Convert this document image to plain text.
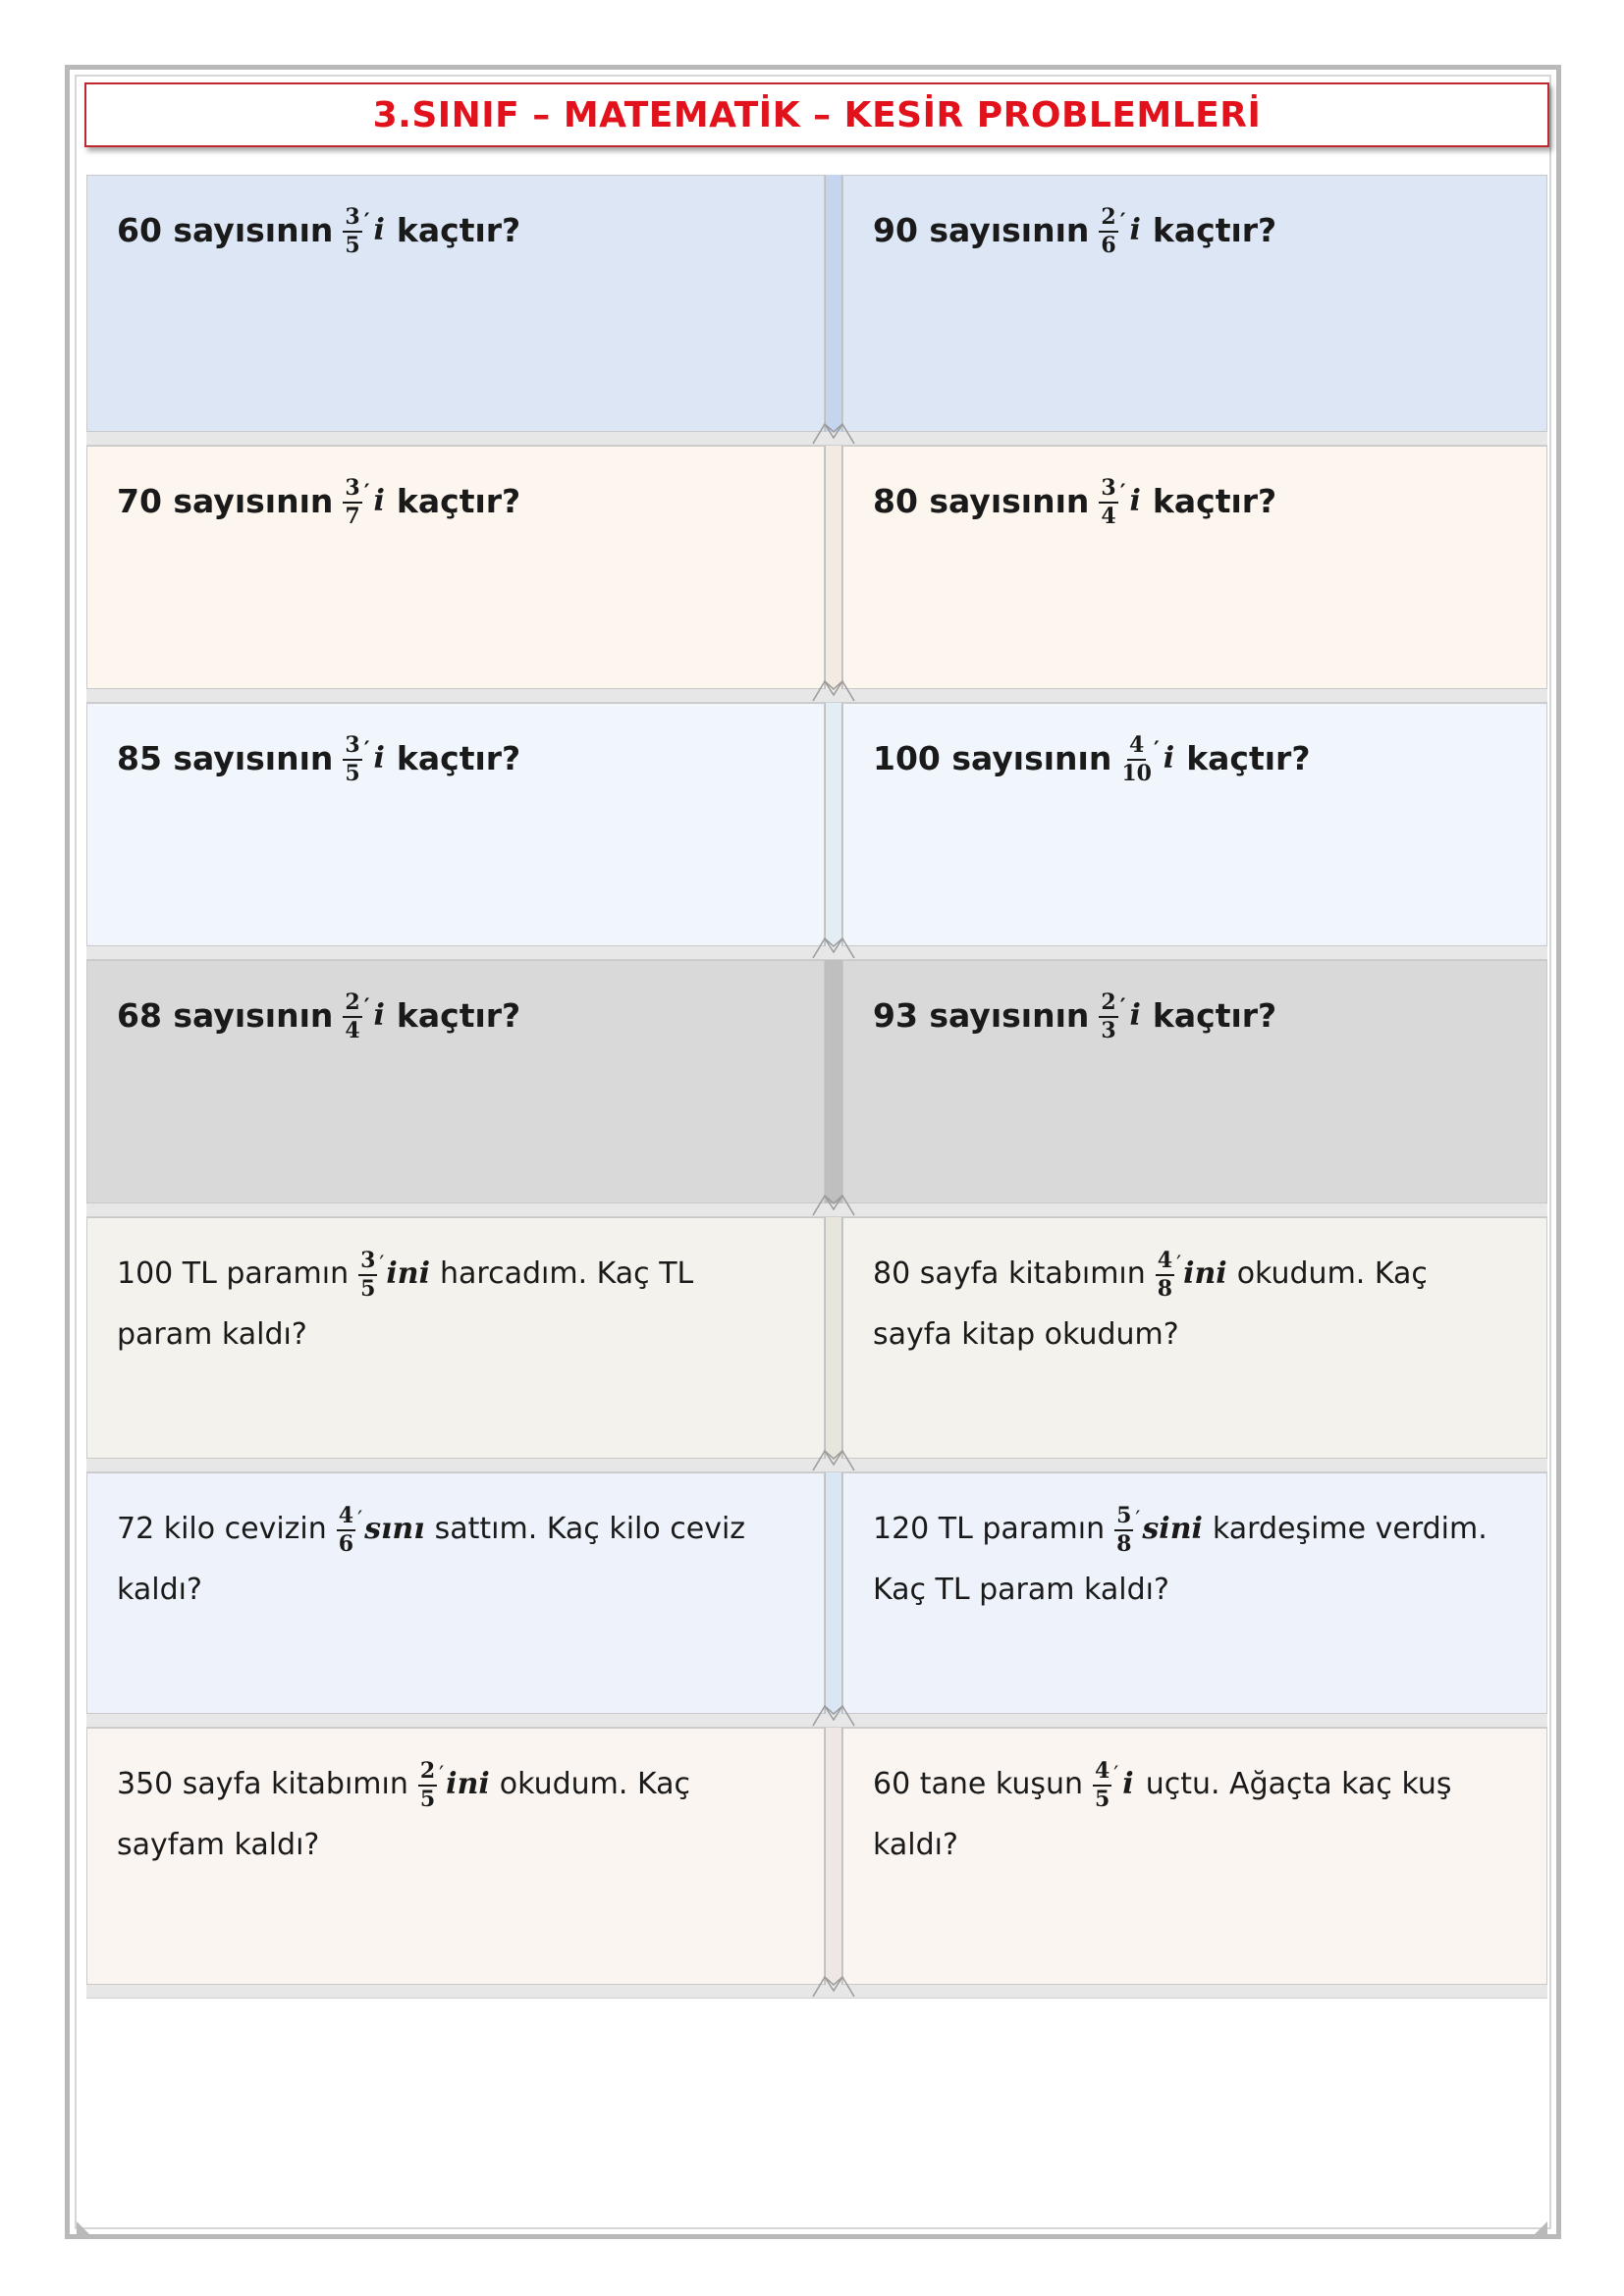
3.SINIF – MATEMATİK – KESİR PROBLEMLERİ
60 sayısının $\frac{3}{5}$ ′ i kaçtır?	90 sayısının $\frac{2}{6}$ ′ i kaçtır?
70 sayısının $\frac{3}{7}$ ′ i kaçtır?	80 sayısının $\frac{3}{4}$ ′ i kaçtır?
85 sayısının $\frac{3}{5}$ ′ i kaçtır?	100 sayısının $\frac{4}{10}$ ′ i kaçtır?
68 sayısının $\frac{2}{4}$ ′ i kaçtır?	93 sayısının $\frac{2}{3}$ ′ i kaçtır?
100 TL paramın $\frac{3}{5}$ ′ ini harcadım. Kaç TL
param kaldı?
80 sayfa kitabımın $\frac{4}{8}$ ′ ini okudum. Kaç
sayfa kitap okudum?
72 kilo cevizin $\frac{4}{6}$ ′ sını sattım. Kaç kilo ceviz
kaldı?
120 TL paramın $\frac{5}{8}$ ′ sini kardeşime verdim.
Kaç TL param kaldı?
350 sayfa kitabımın $\frac{2}{5}$ ′ ini okudum. Kaç
sayfam kaldı?
60 tane kuşun $\frac{4}{5}$ ′ i uçtu. Ağaçta kaç kuş
kaldı?
